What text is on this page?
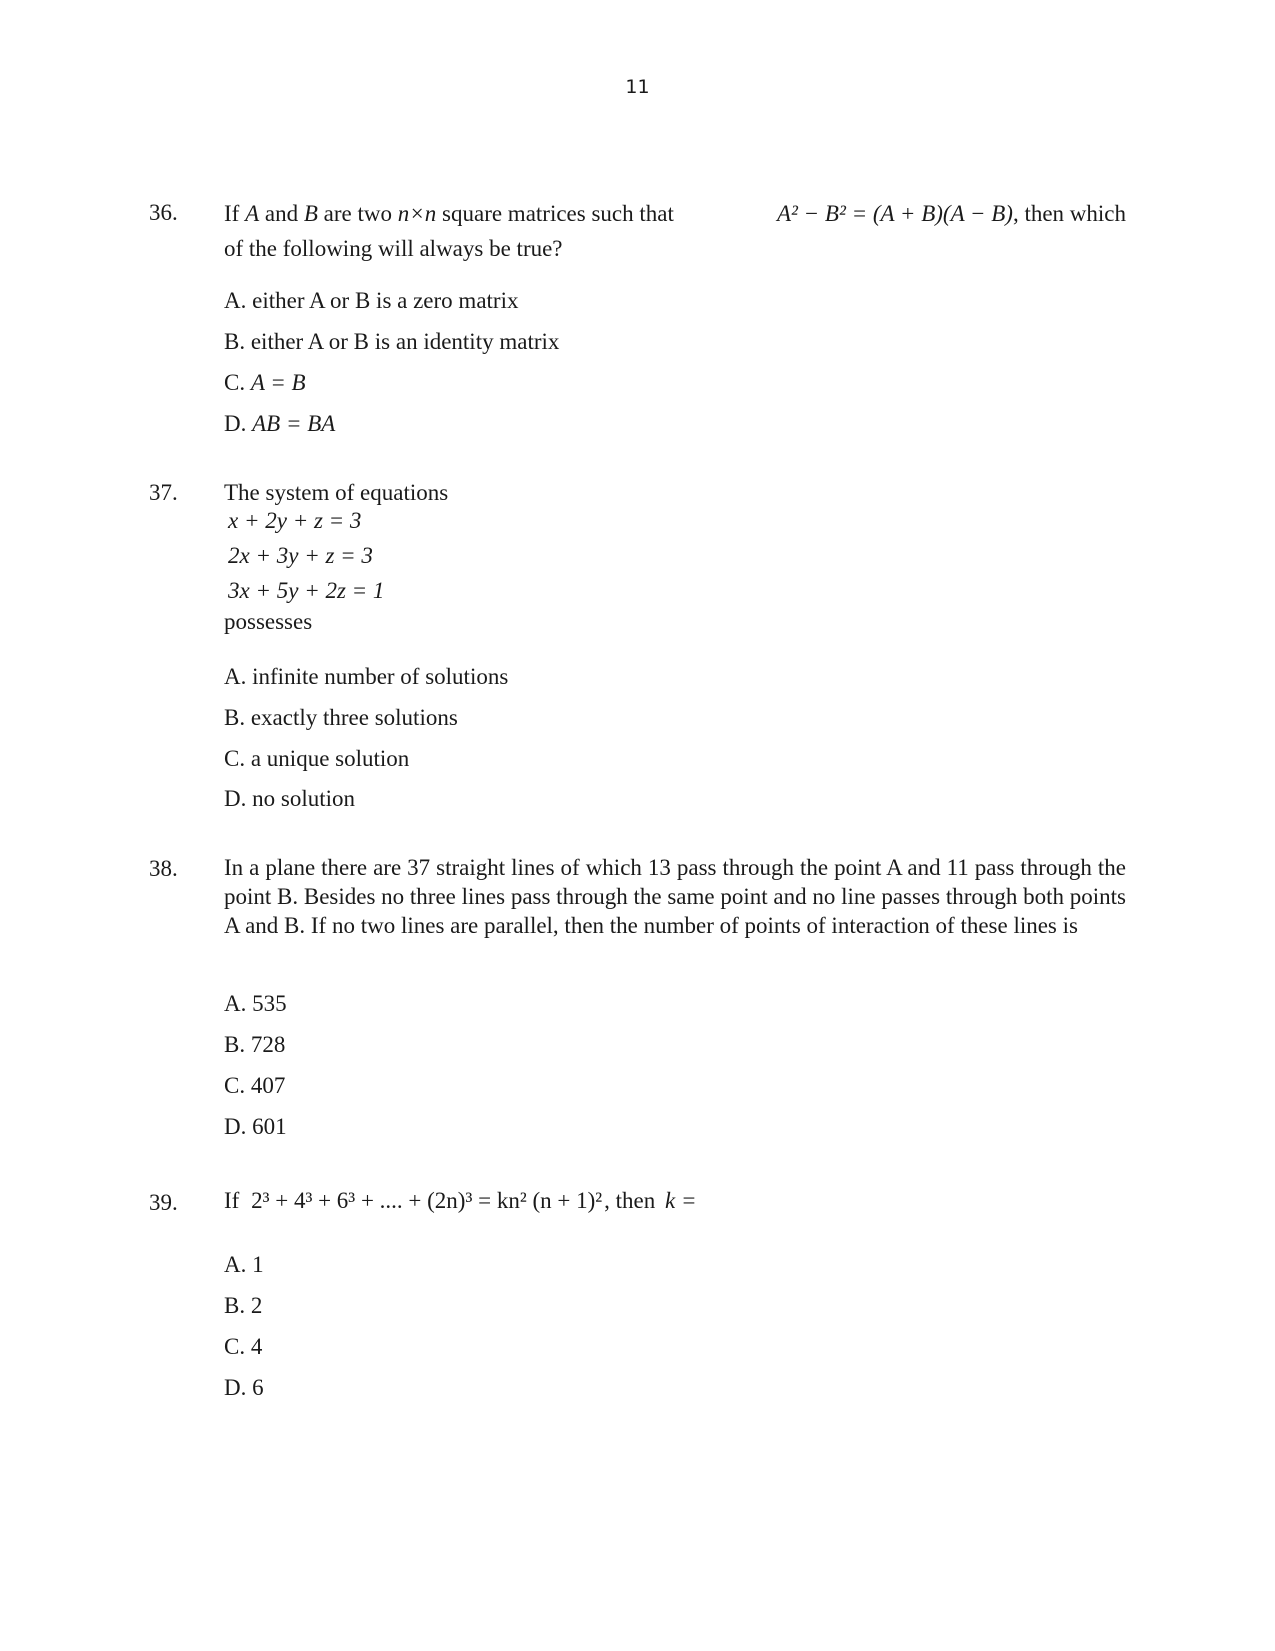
11
36. If A and B are two n×n square matrices such that	A² − B² = (A + B)(A − B), then which
of the following will always be true?
A. either A or B is a zero matrix
B. either A or B is an identity matrix
C. A = B
D. AB = BA
37. The system of equations
x + 2y + z = 3
2x + 3y + z = 3
3x + 5y + 2z = 1
possesses
A. infinite number of solutions
B. exactly three solutions
C. a unique solution
D. no solution
38. In a plane there are 37 straight lines of which 13 pass through the point A and 11 pass through the point B. Besides no three lines pass through the same point and no line passes through both points A and B. If no two lines are parallel, then the number of points of interaction of these lines is
A. 535
B. 728
C. 407
D. 601
39. If 2³ + 4³ + 6³ + .... + (2n)³ = kn² (n + 1)², then k =
A. 1
B. 2
C. 4
D. 6
